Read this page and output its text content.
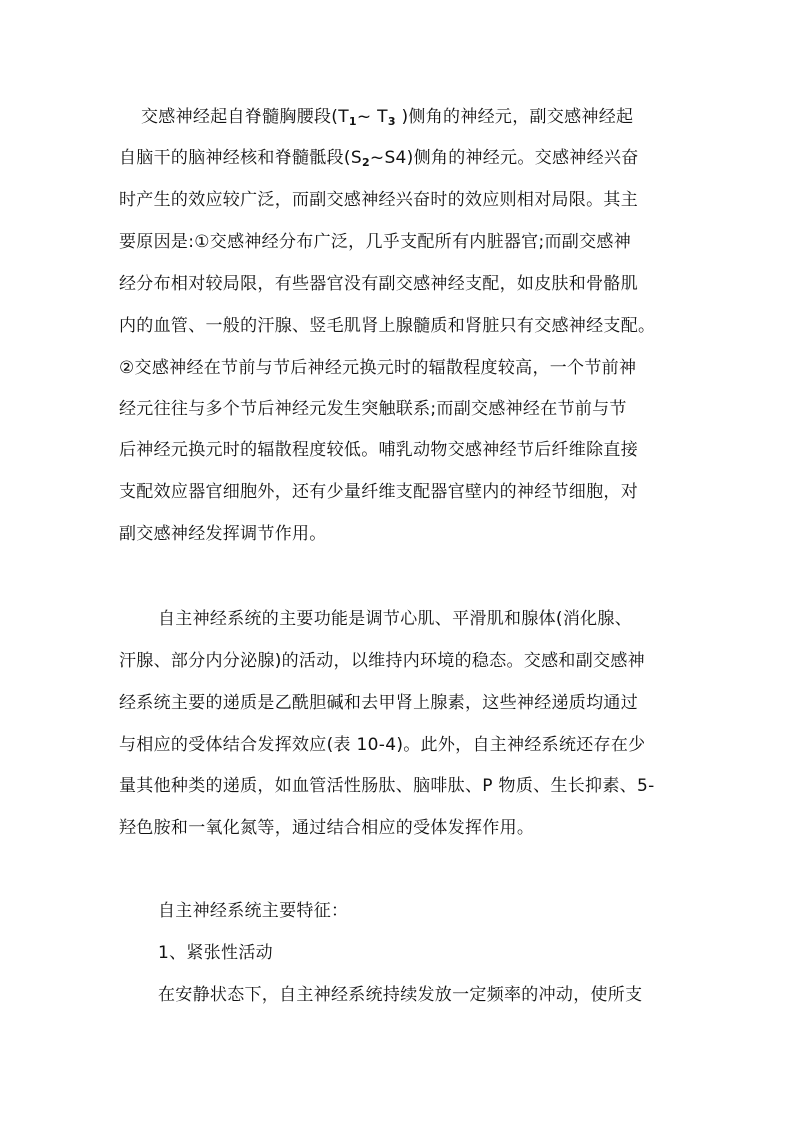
交感神经起自脊髓胸腰段($T_1\sim$ $T_3$ )侧角的神经元，副交感神经起
自脑干的脑神经核和脊髓骶段$(S_2\sim S4)$侧角的神经元。交感神经兴奋
时产生的效应较广泛，而副交感神经兴奋时的效应则相对局限。其主
要原因是:①交感神经分布广泛，几乎支配所有内脏器官;而副交感神
经分布相对较局限，有些器官没有副交感神经支配，如皮肤和骨骼肌
内的血管、一般的汗腺、竖毛肌肾上腺髓质和肾脏只有交感神经支配。
②交感神经在节前与节后神经元换元时的辐散程度较高，一个节前神
经元往往与多个节后神经元发生突触联系;而副交感神经在节前与节
后神经元换元时的辐散程度较低。哺乳动物交感神经节后纤维除直接
支配效应器官细胞外，还有少量纤维支配器官壁内的神经节细胞，对
副交感神经发挥调节作用。
自主神经系统的主要功能是调节心肌、平滑肌和腺体(消化腺、
汗腺、部分内分泌腺)的活动，以维持内环境的稳态。交感和副交感神
经系统主要的递质是乙酰胆碱和去甲肾上腺素，这些神经递质均通过
与相应的受体结合发挥效应(表 10-4)。此外，自主神经系统还存在少
量其他种类的递质，如血管活性肠肽、脑啡肽、P 物质、生长抑素、5-
羟色胺和一氧化氮等，通过结合相应的受体发挥作用。
自主神经系统主要特征：
1、紧张性活动
在安静状态下，自主神经系统持续发放一定频率的冲动，使所支
